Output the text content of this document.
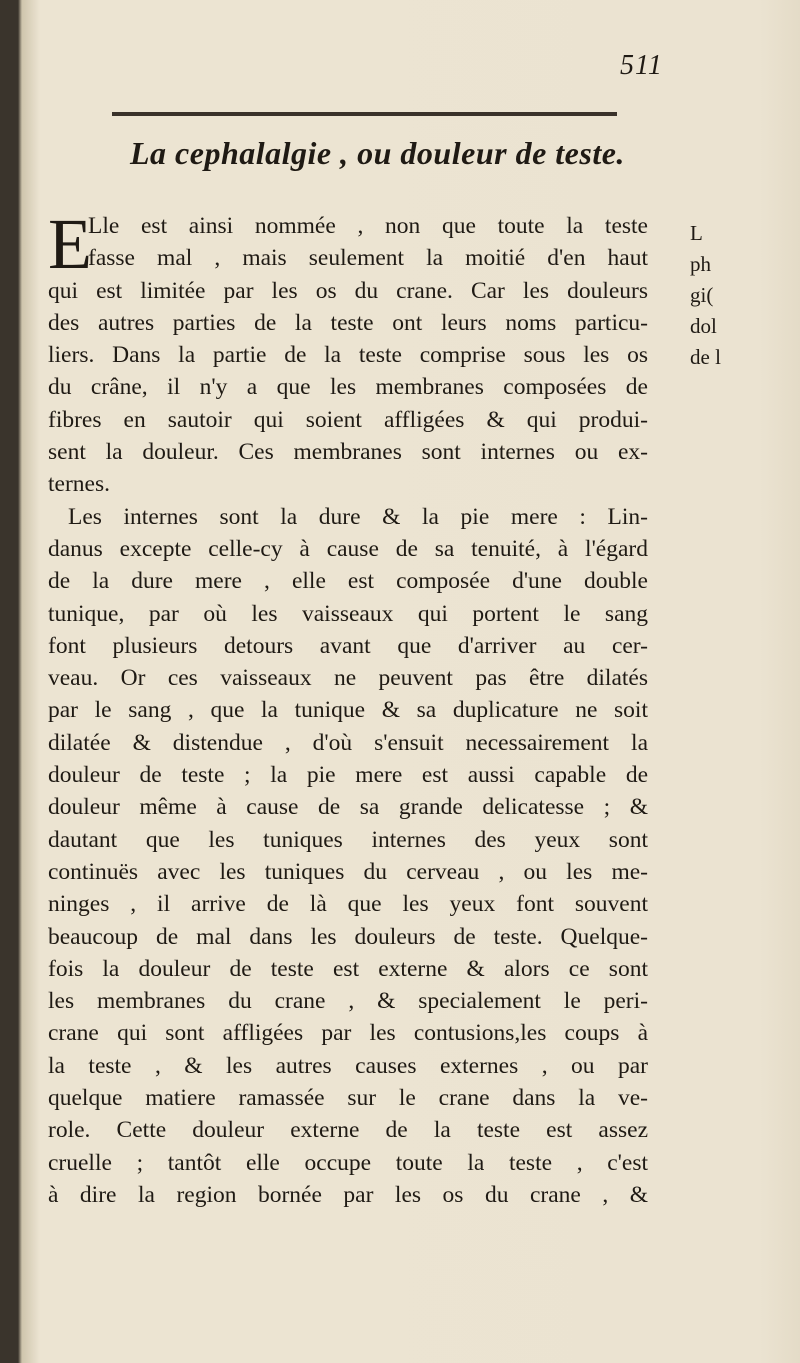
511
La cephalalgie , ou douleur de teste.
E
Lle est ainsi nommée , non que toute la teste
fasse mal , mais seulement la moitié d'en haut
qui est limitée par les os du crane. Car les douleurs
des autres parties de la teste ont leurs noms particu-
liers. Dans la partie de la teste comprise sous les os
du crâne, il n'y a que les membranes composées de
fibres en sautoir qui soient affligées & qui produi-
sent la douleur. Ces membranes sont internes ou ex-
ternes.
Les internes sont la dure & la pie mere : Lin-
danus excepte celle-cy à cause de sa tenuité, à l'égard
de la dure mere , elle est composée d'une double
tunique, par où les vaisseaux qui portent le sang
font plusieurs detours avant que d'arriver au cer-
veau. Or ces vaisseaux ne peuvent pas être dilatés
par le sang , que la tunique & sa duplicature ne soit
dilatée & distendue , d'où s'ensuit necessairement la
douleur de teste ; la pie mere est aussi capable de
douleur même à cause de sa grande delicatesse ; &
dautant que les tuniques internes des yeux sont
continuës avec les tuniques du cerveau , ou les me-
ninges , il arrive de là que les yeux font souvent
beaucoup de mal dans les douleurs de teste. Quelque-
fois la douleur de teste est externe & alors ce sont
les membranes du crane , & specialement le peri-
crane qui sont affligées par les contusions,les coups à
la teste , & les autres causes externes , ou par
quelque matiere ramassée sur le crane dans la ve-
role. Cette douleur externe de la teste est assez
cruelle ; tantôt elle occupe toute la teste , c'est
à dire la region bornée par les os du crane , &
L
ph
gi(
dol
de l
